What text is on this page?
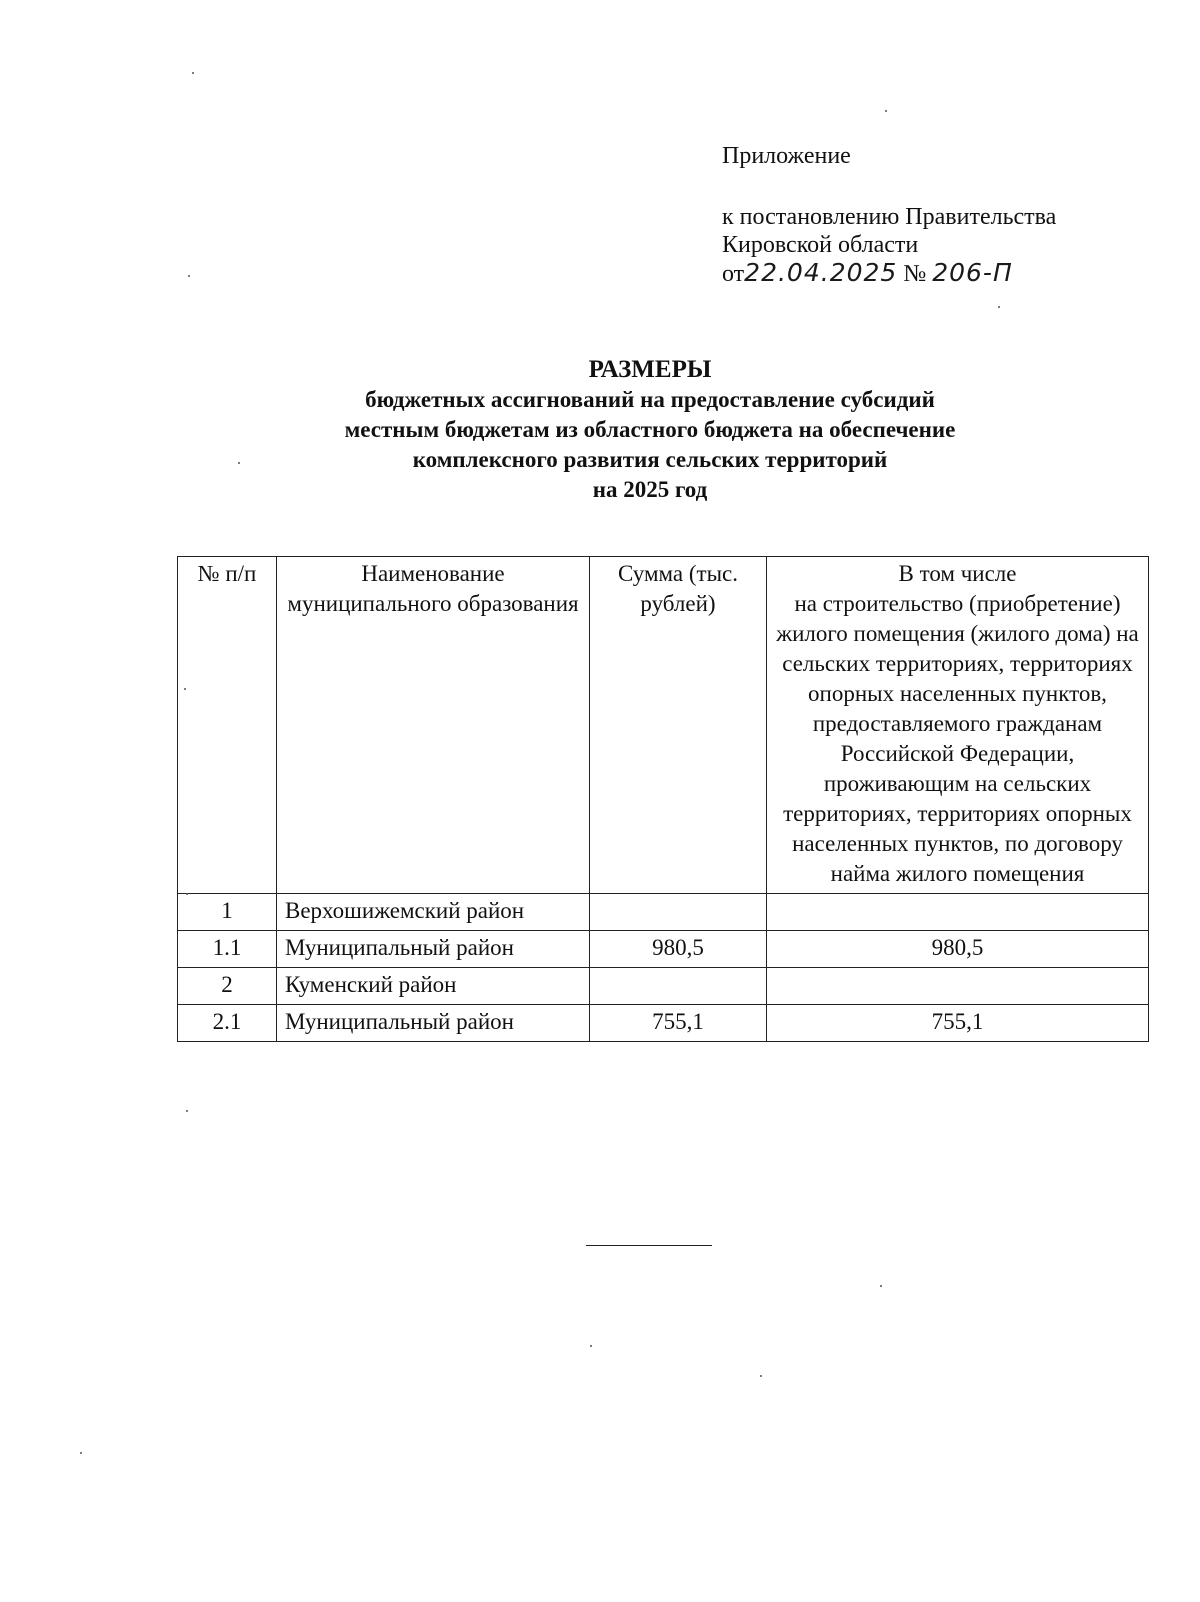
Приложение
к постановлению Правительства
Кировской области
от22.04.2025 № 206-П
РАЗМЕРЫ
бюджетных ассигнований на предоставление субсидий
местным бюджетам из областного бюджета на обеспечение
комплексного развития сельских территорий
на 2025 год
№ п/п	Наименование муниципального образования	Сумма (тыс. рублей)	В том числе
на строительство (приобретение) жилого помещения (жилого дома) на сельских территориях, территориях опорных населенных пунктов, предоставляемого гражданам Российской Федерации, проживающим на сельских территориях, территориях опорных населенных пунктов, по договору найма жилого помещения
1	Верхошижемский район		
1.1	Муниципальный район	980,5	980,5
2	Куменский район		
2.1	Муниципальный район	755,1	755,1
